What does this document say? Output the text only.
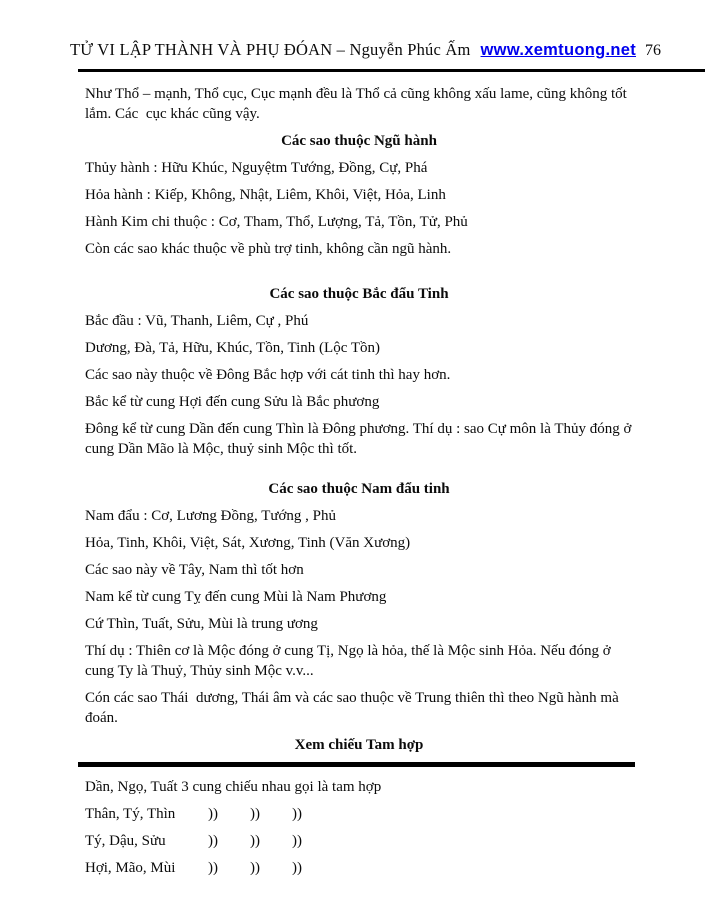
TỬ VI LẬP THÀNH VÀ PHỤ ĐÓAN – Nguyễn Phúc Ấm www.xemtuong.net 76

Như Thổ – mạnh, Thổ cục, Cục mạnh đều là Thổ cả cũng không xấu lame, cũng không tốt lắm. Các  cục khác cũng vậy.

Các sao thuộc Ngũ hành

Thủy hành : Hữu Khúc, Nguyệtm Tướng, Đồng, Cự, Phá

Hỏa hành : Kiếp, Không, Nhật, Liêm, Khôi, Việt, Hỏa, Linh

Hành Kim chi thuộc : Cơ, Tham, Thổ, Lượng, Tả, Tồn, Tử, Phủ

Còn các sao khác thuộc về phù trợ tinh, không cần ngũ hành.

Các sao thuộc Bắc đẩu Tinh

Bắc đầu : Vũ, Thanh, Liêm, Cự , Phú

Dương, Đà, Tả, Hữu, Khúc, Tồn, Tinh (Lộc Tồn)

Các sao này thuộc về Đông Bắc hợp với cát tinh thì hay hơn.

Bắc kể từ cung Hợi đến cung Sửu là Bắc phương

Đông kể từ cung Dần đến cung Thìn là Đông phương. Thí dụ : sao Cự môn là Thủy đóng ở cung Dần Mão là Mộc, thuỷ sinh Mộc thì tốt.

Các sao thuộc Nam đẩu tinh

Nam đẩu : Cơ, Lương Đồng, Tướng , Phủ

Hỏa, Tinh, Khôi, Việt, Sát, Xương, Tinh (Văn Xương)

Các sao này về Tây, Nam thì tốt hơn

Nam kể từ cung Tỵ đến cung Mùi là Nam Phương

Cứ Thìn, Tuất, Sửu, Mùi là trung ương

Thí dụ : Thiên cơ là Mộc đóng ở cung Tị, Ngọ là hỏa, thế là Mộc sinh Hỏa. Nếu đóng ở cung Ty là Thuỷ, Thủy sinh Mộc v.v...

Cón các sao Thái  dương, Thái âm và các sao thuộc về Trung thiên thì theo Ngũ hành mà đoán.

Xem chiếu Tam hợp

Dần, Ngọ, Tuất 3 cung chiếu nhau gọi là tam hợp

Thân, Tý, Thìn	))	))	))
Tý, Dậu, Sửu	))	))	))
Hợi, Mão, Mùi	))	))	))
